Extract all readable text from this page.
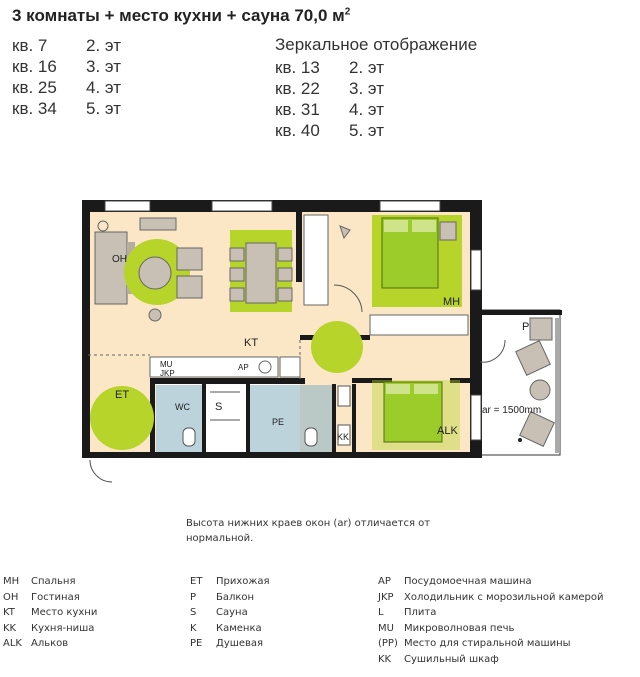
3 комнаты + место кухни + сауна 70,0 $м^2$
кв. 7 2. эт
кв. 16 3. эт
кв. 25 4. эт
кв. 34 5. эт
Зеркальное отображение
кв. 13 2. эт
кв. 22 3. эт
кв. 31 4. эт
кв. 40 5. эт
OH
KT
MH
ET
ALK
P
S
PE
KK
WC
MU
JKP
AP
ar = 1500mm
Высота нижних краев окон (ar) отличается от нормальной.
MH Спальня
OH Гостиная
KT Место кухни
KK Кухня-ниша
ALK Альков
ET Прихожая
P Балкон
S Сауна
K Каменка
PE Душевая
AP Посудомоечная машина
JKP Холодильник с морозильной камерой
L Плита
MU Микроволновая печь
(PP) Место для стиральной машины
KK Сушильный шкаф
